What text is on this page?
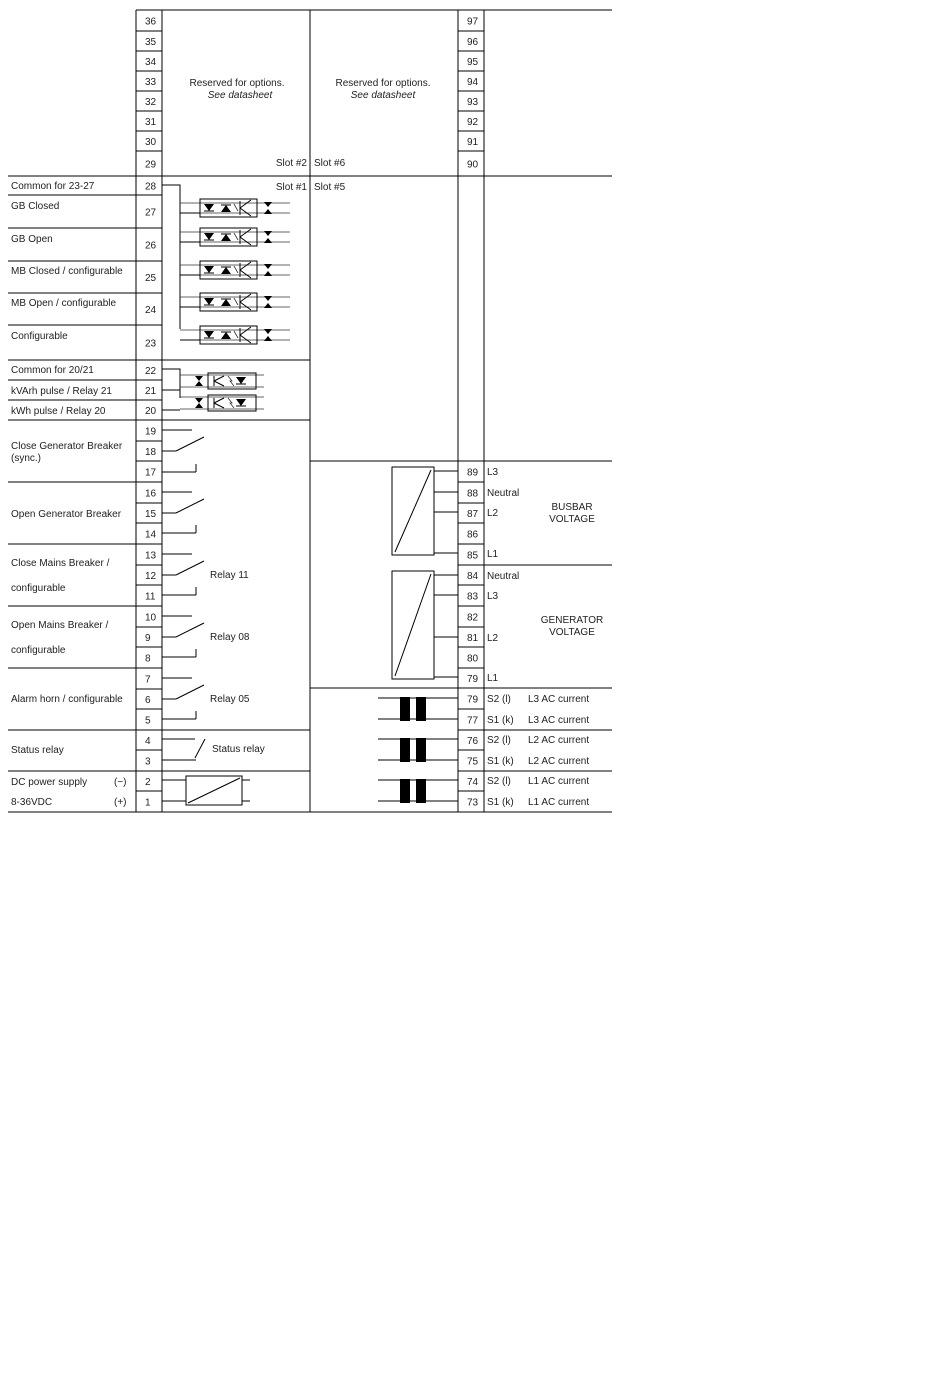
36
35
34
33
32
31
30
29
28
27
26
25
24
23
22
21
20
19
18
17
16
15
14
13
12
11
10
9
8
7
6
5
4
3
2
1
97
96
95
94
93
92
91
90
89
88
87
86
85
84
83
82
81
80
79
79
77
76
75
74
73
Reserved for options.
See datasheet
Reserved for options.
See datasheet
Slot #2 Slot #6
Slot #1 Slot #5
Common for 23-27
GB Closed
GB Open
MB Closed / configurable
MB Open / configurable
Configurable
Common for 20/21
kVArh pulse / Relay 21
kWh pulse / Relay 20
Close Generator Breaker
(sync.)
Open Generator Breaker
Close Mains Breaker /
configurable
Open Mains Breaker /
configurable
Alarm horn / configurable
Status relay
DC power supply	(−)
8-36VDC	(+)
Relay 11
Relay 08
Relay 05
Status relay
L3
Neutral
L2
L1
Neutral
L3
L2
L1
BUSBAR
VOLTAGE
GENERATOR
VOLTAGE
S2 (l) L3 AC current
S1 (k) L3 AC current
S2 (l) L2 AC current
S1 (k) L2 AC current
S2 (l) L1 AC current
S1 (k) L1 AC current
